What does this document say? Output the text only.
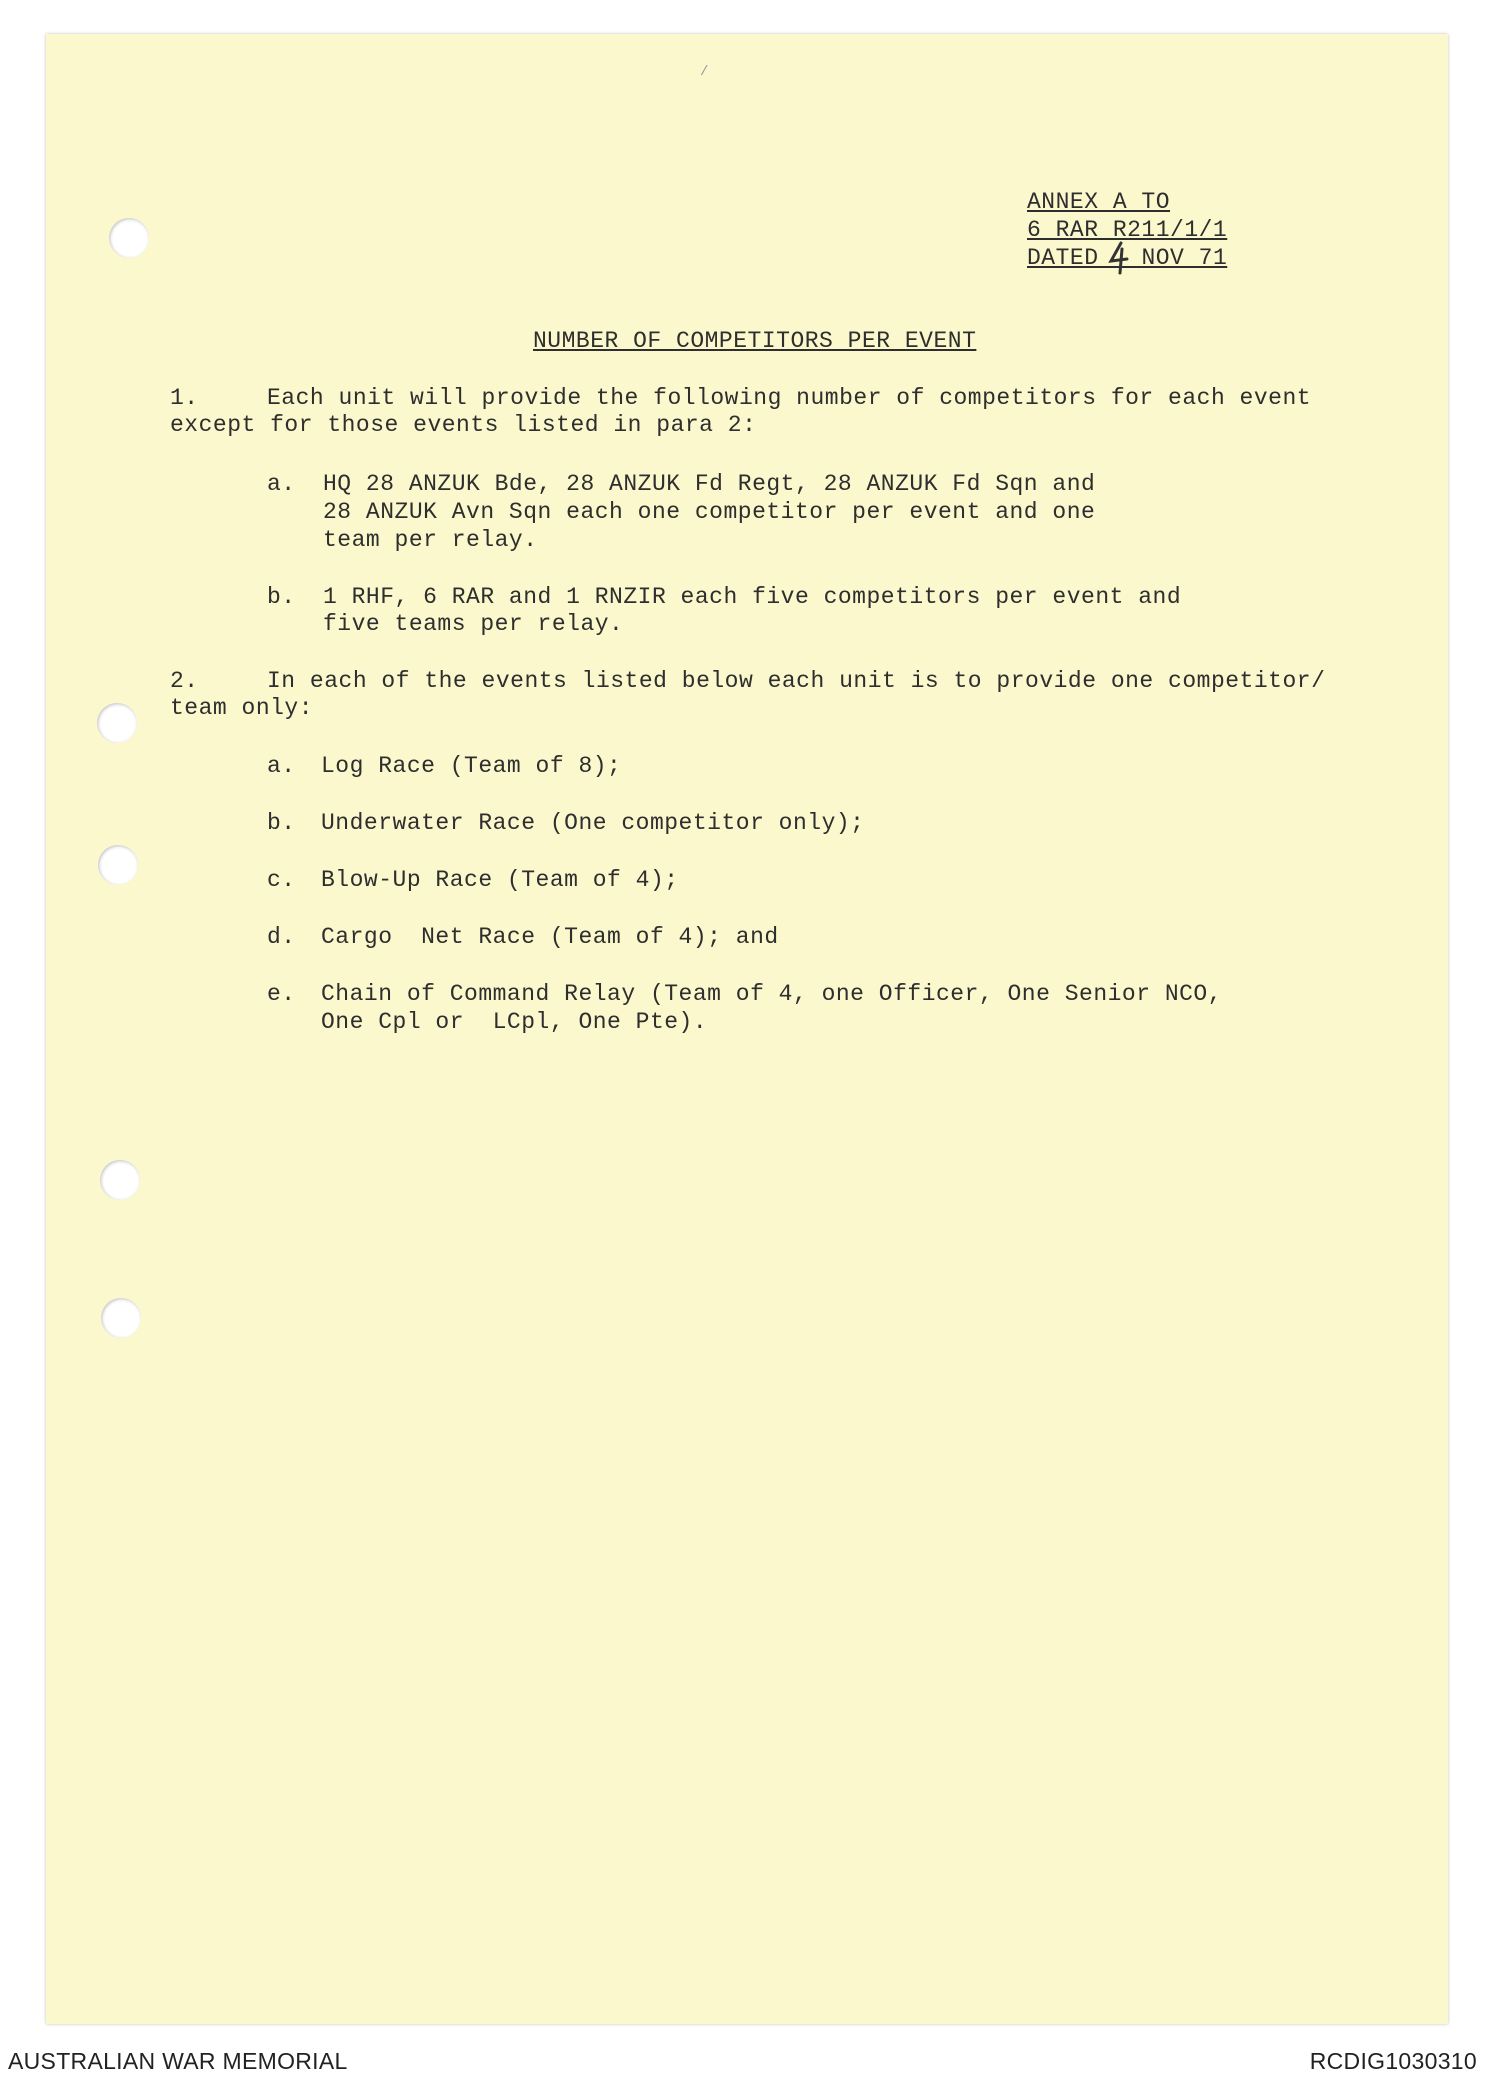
/
ANNEX A TO
6 RAR R211/1/1
DATED NOV 71
NUMBER OF COMPETITORS PER EVENT
1.	Each unit will provide the following number of competitors for each event
except for those events listed in para 2:
a. HQ 28 ANZUK Bde, 28 ANZUK Fd Regt, 28 ANZUK Fd Sqn and
28 ANZUK Avn Sqn each one competitor per event and one
team per relay.
b. 1 RHF, 6 RAR and 1 RNZIR each five competitors per event and
five teams per relay.
2.	In each of the events listed below each unit is to provide one competitor/
team only:
a. Log Race (Team of 8);
b. Underwater Race (One competitor only);
c. Blow-Up Race (Team of 4);
d. Cargo  Net Race (Team of 4); and
e. Chain of Command Relay (Team of 4, one Officer, One Senior NCO,
One Cpl or  LCpl, One Pte).
AUSTRALIAN WAR MEMORIAL	RCDIG1030310
